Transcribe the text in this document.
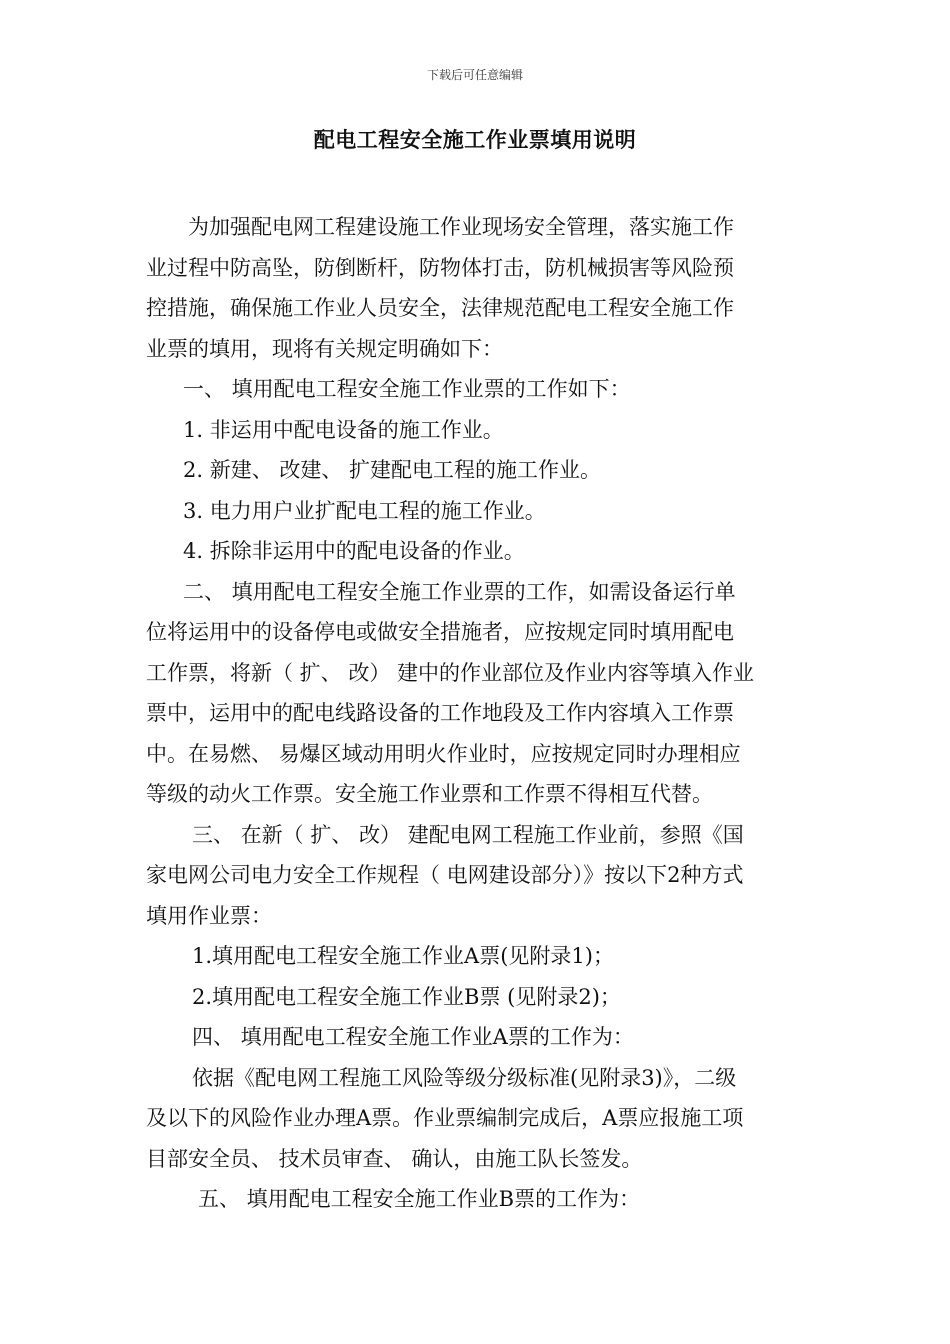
下载后可任意编辑
配电工程安全施工作业票填用说明
为加强配电网工程建设施工作业现场安全管理，落实施工作
业过程中防高坠，防倒断杆，防物体打击，防机械损害等风险预
控措施，确保施工作业人员安全，法律规范配电工程安全施工作
业票的填用，现将有关规定明确如下：
一、 填用配电工程安全施工作业票的工作如下：
1. 非运用中配电设备的施工作业。
2. 新建、 改建、 扩建配电工程的施工作业。
3. 电力用户业扩配电工程的施工作业。
4. 拆除非运用中的配电设备的作业。
二、 填用配电工程安全施工作业票的工作，如需设备运行单
位将运用中的设备停电或做安全措施者，应按规定同时填用配电
工作票，将新（ 扩、 改） 建中的作业部位及作业内容等填入作业
票中，运用中的配电线路设备的工作地段及工作内容填入工作票
中。在易燃、 易爆区域动用明火作业时，应按规定同时办理相应
等级的动火工作票。安全施工作业票和工作票不得相互代替。
三、 在新（ 扩、 改） 建配电网工程施工作业前，参照《国
家电网公司电力安全工作规程（ 电网建设部分）》按以下2种方式
填用作业票：
1.填用配电工程安全施工作业A票(见附录1)；
2.填用配电工程安全施工作业B票 (见附录2)；
四、 填用配电工程安全施工作业A票的工作为：
依据《配电网工程施工风险等级分级标准(见附录3)》，二级
及以下的风险作业办理A票。作业票编制完成后，A票应报施工项
目部安全员、 技术员审查、 确认，由施工队长签发。
五、 填用配电工程安全施工作业B票的工作为：
